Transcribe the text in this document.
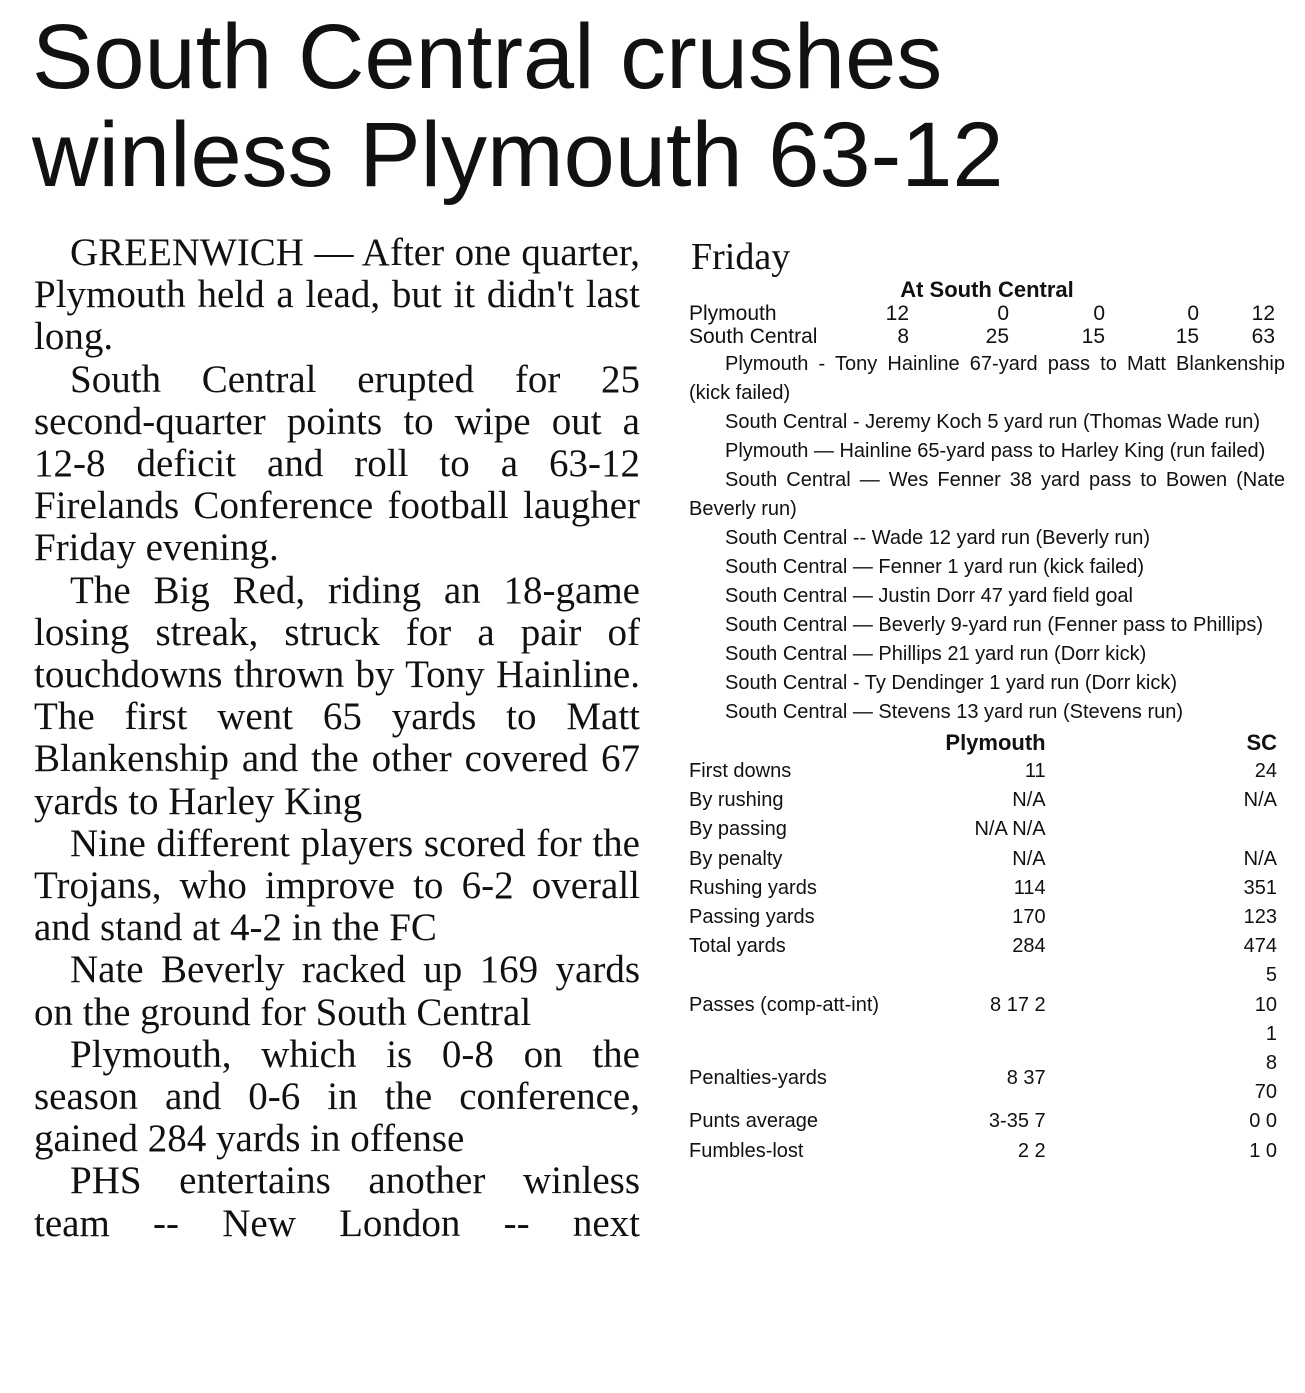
South Central crushes
winless Plymouth 63-12

GREENWICH — After one quarter, Plymouth held a lead, but it didn't last long.

South Central erupted for 25 second-quarter points to wipe out a 12-8 deficit and roll to a 63-12 Firelands Conference football laugher Friday evening.

The Big Red, riding an 18-game losing streak, struck for a pair of touchdowns thrown by Tony Hainline. The first went 65 yards to Matt Blankenship and the other covered 67 yards to Harley King

Nine different players scored for the Trojans, who improve to 6-2 overall and stand at 4-2 in the FC

Nate Beverly racked up 169 yards on the ground for South Central

Plymouth, which is 0-8 on the season and 0-6 in the conference, gained 284 yards in offense

PHS entertains another winless team -- New London -- next

Friday
At South Central
Plymouth	12	0	0	0	12
South Central	8	25	15	15	63

Plymouth - Tony Hainline 67-yard pass to Matt Blankenship (kick failed)

South Central - Jeremy Koch 5 yard run (Thomas Wade run)

Plymouth — Hainline 65-yard pass to Harley King (run failed)

South Central — Wes Fenner 38 yard pass to Bowen (Nate Beverly run)

South Central -- Wade 12 yard run (Beverly run)

South Central — Fenner 1 yard run (kick failed)

South Central — Justin Dorr 47 yard field goal

South Central — Beverly 9-yard run (Fenner pass to Phillips)

South Central — Phillips 21 yard run (Dorr kick)

South Central - Ty Dendinger 1 yard run (Dorr kick)

South Central — Stevens 13 yard run (Stevens run)

	Plymouth	SC
First downs	11	24
By rushing	N/A	N/A
By passing	N/A N/A	
By penalty	N/A	N/A
Rushing yards	114	351
Passing yards	170	123
Total yards	284	474
Passes (comp-att-int)	8 17 2	5 10 1
Penalties-yards	8 37	8 70
Punts average	3-35 7	0 0
Fumbles-lost	2 2	1 0
